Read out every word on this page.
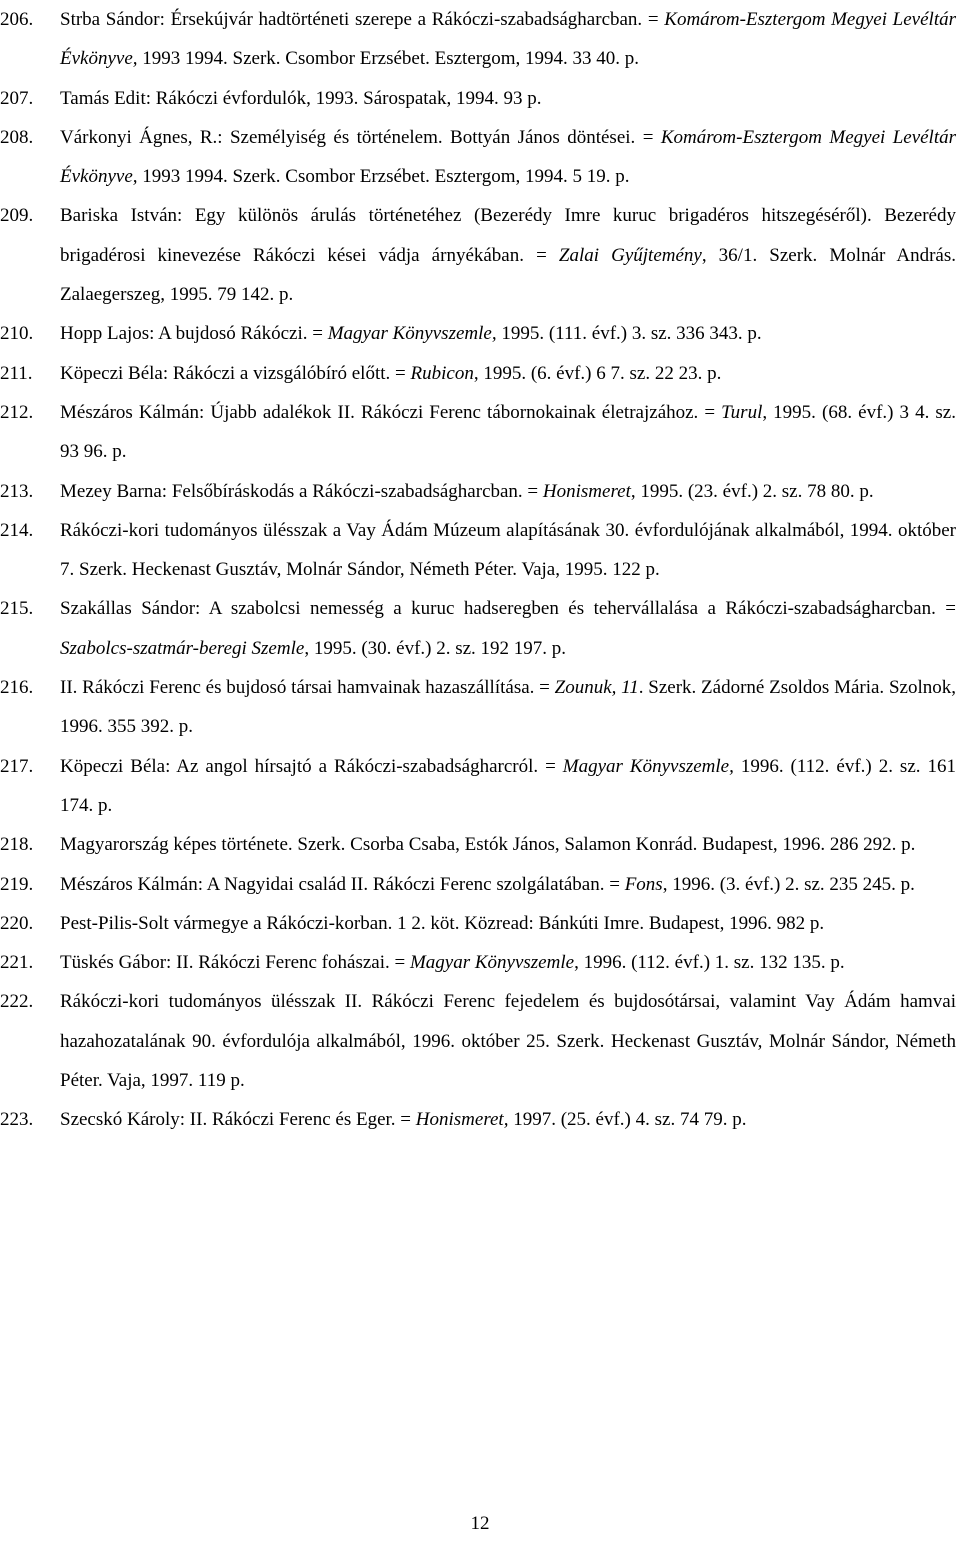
206.	Strba Sándor: Érsekújvár hadtörténeti szerepe a Rákóczi-szabadságharcban. = Komárom-Esztergom Megyei Levéltár Évkönyve, 1993 1994. Szerk. Csombor Erzsébet. Esztergom, 1994. 33 40. p.
207.	Tamás Edit: Rákóczi évfordulók, 1993. Sárospatak, 1994. 93 p.
208.	Várkonyi Ágnes, R.: Személyiség és történelem. Bottyán János döntései. = Komárom-Esztergom Megyei Levéltár Évkönyve, 1993 1994. Szerk. Csombor Erzsébet. Esztergom, 1994. 5 19. p.
209.	Bariska István: Egy különös árulás történetéhez (Bezerédy Imre kuruc brigadéros hitszegéséről). Bezerédy brigadérosi kinevezése Rákóczi kései vádja árnyékában. = Zalai Gyűjtemény, 36/1. Szerk. Molnár András. Zalaegerszeg, 1995. 79 142. p.
210.	Hopp Lajos: A bujdosó Rákóczi. = Magyar Könyvszemle, 1995. (111. évf.) 3. sz. 336 343. p.
211.	Köpeczi Béla: Rákóczi a vizsgálóbíró előtt. = Rubicon, 1995. (6. évf.) 6 7. sz. 22 23. p.
212.	Mészáros Kálmán: Újabb adalékok II. Rákóczi Ferenc tábornokainak életrajzához. = Turul, 1995. (68. évf.) 3 4. sz. 93 96. p.
213.	Mezey Barna: Felsőbíráskodás a Rákóczi-szabadságharcban. = Honismeret, 1995. (23. évf.) 2. sz. 78 80. p.
214.	Rákóczi-kori tudományos ülésszak a Vay Ádám Múzeum alapításának 30. évfordulójának alkalmából, 1994. október 7. Szerk. Heckenast Gusztáv, Molnár Sándor, Németh Péter. Vaja, 1995. 122 p.
215.	Szakállas Sándor: A szabolcsi nemesség a kuruc hadseregben és tehervállalása a Rákóczi-szabadságharcban. = Szabolcs-szatmár-beregi Szemle, 1995. (30. évf.) 2. sz. 192 197. p.
216.	II. Rákóczi Ferenc és bujdosó társai hamvainak hazaszállítása. = Zounuk, 11. Szerk. Zádorné Zsoldos Mária. Szolnok, 1996. 355 392. p.
217.	Köpeczi Béla: Az angol hírsajtó a Rákóczi-szabadságharcról. = Magyar Könyvszemle, 1996. (112. évf.) 2. sz. 161 174. p.
218.	Magyarország képes története. Szerk. Csorba Csaba, Estók János, Salamon Konrád. Budapest, 1996. 286 292. p.
219.	Mészáros Kálmán: A Nagyidai család II. Rákóczi Ferenc szolgálatában. = Fons, 1996. (3. évf.) 2. sz. 235 245. p.
220.	Pest-Pilis-Solt vármegye a Rákóczi-korban. 1 2. köt. Közread: Bánkúti Imre. Budapest, 1996. 982 p.
221.	Tüskés Gábor: II. Rákóczi Ferenc fohászai. = Magyar Könyvszemle, 1996. (112. évf.) 1. sz. 132 135. p.
222.	Rákóczi-kori tudományos ülésszak II. Rákóczi Ferenc fejedelem és bujdosótársai, valamint Vay Ádám hamvai hazahozatalának 90. évfordulója alkalmából, 1996. október 25. Szerk. Heckenast Gusztáv, Molnár Sándor, Németh Péter. Vaja, 1997. 119 p.
223.	Szecskó Károly: II. Rákóczi Ferenc és Eger. = Honismeret, 1997. (25. évf.) 4. sz. 74 79. p.
12
